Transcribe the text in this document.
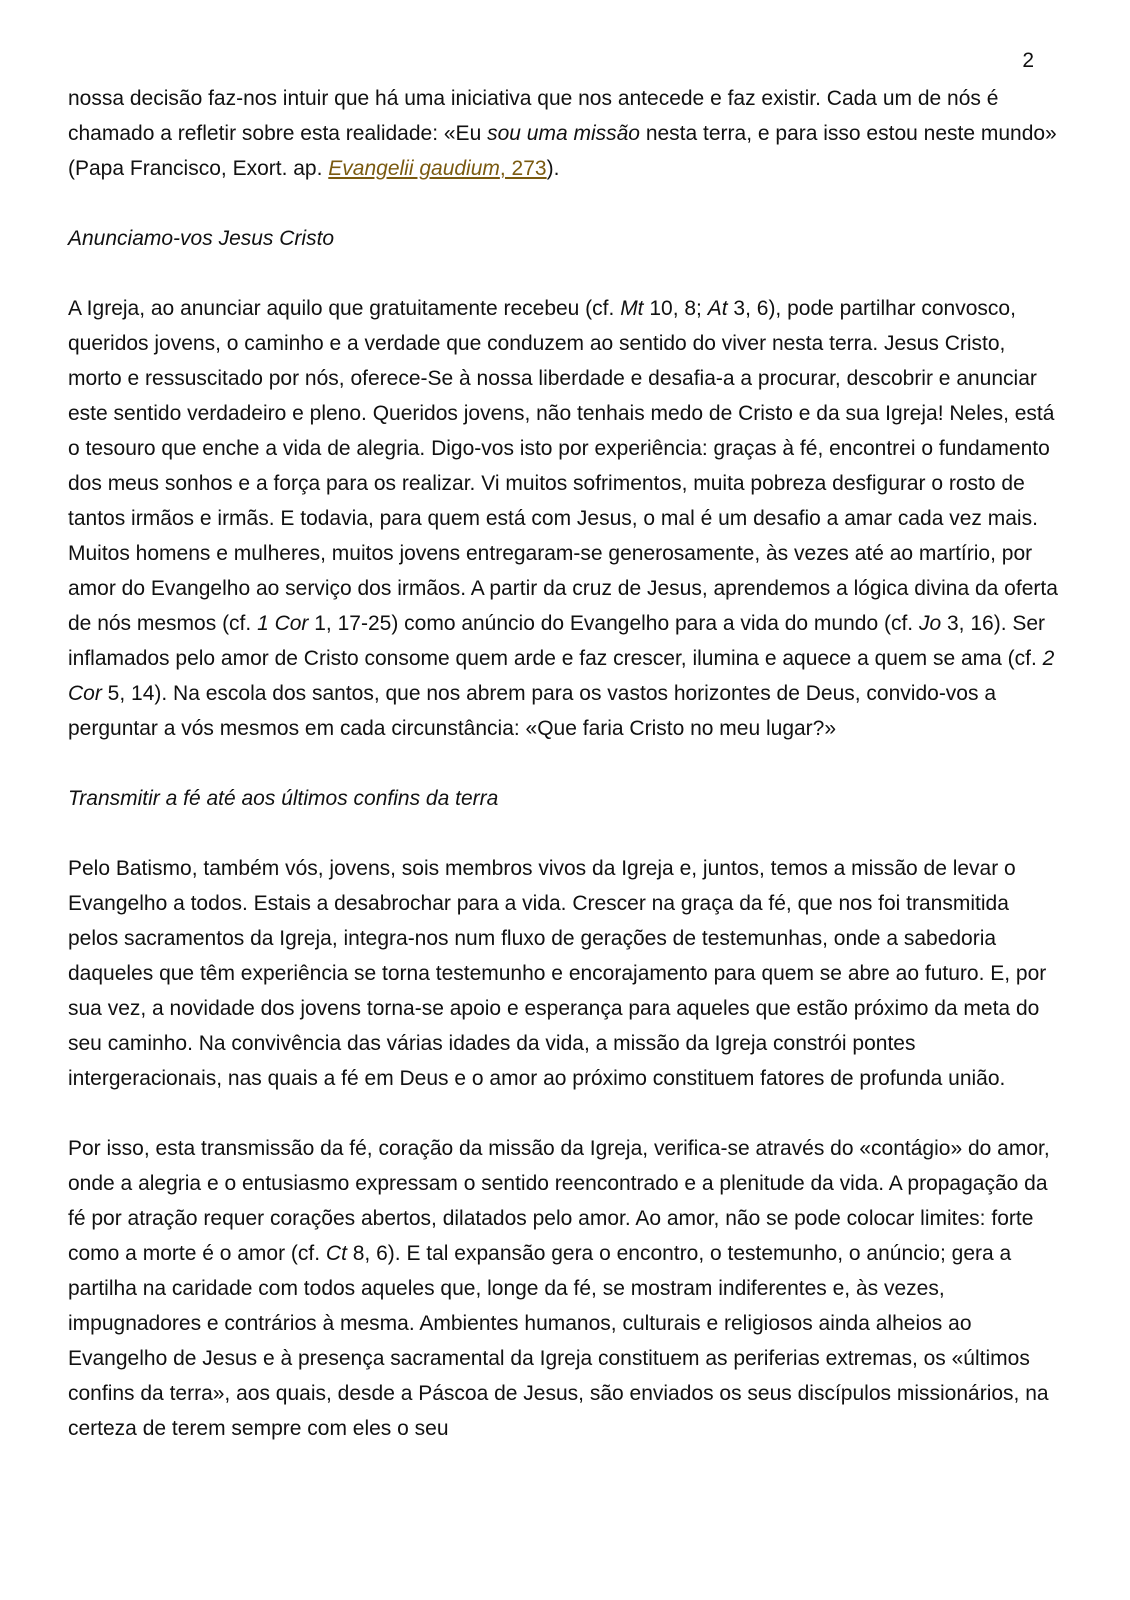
2

nossa decisão faz-nos intuir que há uma iniciativa que nos antecede e faz existir. Cada um de nós é chamado a refletir sobre esta realidade: «Eu sou uma missão nesta terra, e para isso estou neste mundo» (Papa Francisco, Exort. ap. Evangelii gaudium, 273).

Anunciamo-vos Jesus Cristo

A Igreja, ao anunciar aquilo que gratuitamente recebeu (cf. Mt 10, 8; At 3, 6), pode partilhar convosco, queridos jovens, o caminho e a verdade que conduzem ao sentido do viver nesta terra. Jesus Cristo, morto e ressuscitado por nós, oferece-Se à nossa liberdade e desafia-a a procurar, descobrir e anunciar este sentido verdadeiro e pleno. Queridos jovens, não tenhais medo de Cristo e da sua Igreja! Neles, está o tesouro que enche a vida de alegria. Digo-vos isto por experiência: graças à fé, encontrei o fundamento dos meus sonhos e a força para os realizar. Vi muitos sofrimentos, muita pobreza desfigurar o rosto de tantos irmãos e irmãs. E todavia, para quem está com Jesus, o mal é um desafio a amar cada vez mais. Muitos homens e mulheres, muitos jovens entregaram-se generosamente, às vezes até ao martírio, por amor do Evangelho ao serviço dos irmãos. A partir da cruz de Jesus, aprendemos a lógica divina da oferta de nós mesmos (cf. 1 Cor 1, 17-25) como anúncio do Evangelho para a vida do mundo (cf. Jo 3, 16). Ser inflamados pelo amor de Cristo consome quem arde e faz crescer, ilumina e aquece a quem se ama (cf. 2 Cor 5, 14). Na escola dos santos, que nos abrem para os vastos horizontes de Deus, convido-vos a perguntar a vós mesmos em cada circunstância: «Que faria Cristo no meu lugar?»

Transmitir a fé até aos últimos confins da terra

Pelo Batismo, também vós, jovens, sois membros vivos da Igreja e, juntos, temos a missão de levar o Evangelho a todos. Estais a desabrochar para a vida. Crescer na graça da fé, que nos foi transmitida pelos sacramentos da Igreja, integra-nos num fluxo de gerações de testemunhas, onde a sabedoria daqueles que têm experiência se torna testemunho e encorajamento para quem se abre ao futuro. E, por sua vez, a novidade dos jovens torna-se apoio e esperança para aqueles que estão próximo da meta do seu caminho. Na convivência das várias idades da vida, a missão da Igreja constrói pontes intergeracionais, nas quais a fé em Deus e o amor ao próximo constituem fatores de profunda união.

Por isso, esta transmissão da fé, coração da missão da Igreja, verifica-se através do «contágio» do amor, onde a alegria e o entusiasmo expressam o sentido reencontrado e a plenitude da vida. A propagação da fé por atração requer corações abertos, dilatados pelo amor. Ao amor, não se pode colocar limites: forte como a morte é o amor (cf. Ct 8, 6). E tal expansão gera o encontro, o testemunho, o anúncio; gera a partilha na caridade com todos aqueles que, longe da fé, se mostram indiferentes e, às vezes, impugnadores e contrários à mesma. Ambientes humanos, culturais e religiosos ainda alheios ao Evangelho de Jesus e à presença sacramental da Igreja constituem as periferias extremas, os «últimos confins da terra», aos quais, desde a Páscoa de Jesus, são enviados os seus discípulos missionários, na certeza de terem sempre com eles o seu
